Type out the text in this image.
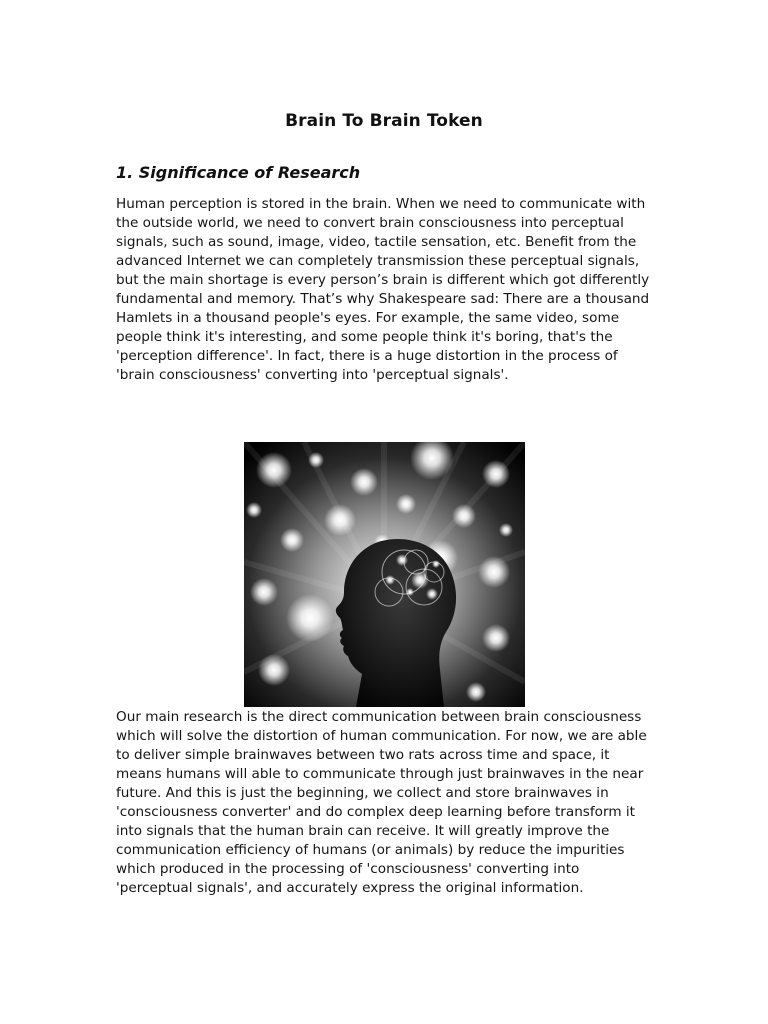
Brain To Brain Token
1. Significance of Research

Human perception is stored in the brain. When we need to communicate with the outside world, we need to convert brain consciousness into perceptual signals, such as sound, image, video, tactile sensation, etc. Benefit from the advanced Internet we can completely transmission these perceptual signals, but the main shortage is every person’s brain is different which got differently fundamental and memory. That’s why Shakespeare sad: There are a thousand Hamlets in a thousand people's eyes. For example, the same video, some people think it's interesting, and some people think it's boring, that's the 'perception difference'. In fact, there is a huge distortion in the process of 'brain consciousness' converting into 'perceptual signals'.

Our main research is the direct communication between brain consciousness which will solve the distortion of human communication. For now, we are able to deliver simple brainwaves between two rats across time and space, it means humans will able to communicate through just brainwaves in the near future. And this is just the beginning, we collect and store brainwaves in 'consciousness converter' and do complex deep learning before transform it into signals that the human brain can receive. It will greatly improve the communication efficiency of humans (or animals) by reduce the impurities which produced in the processing of 'consciousness' converting into 'perceptual signals', and accurately express the original information.
